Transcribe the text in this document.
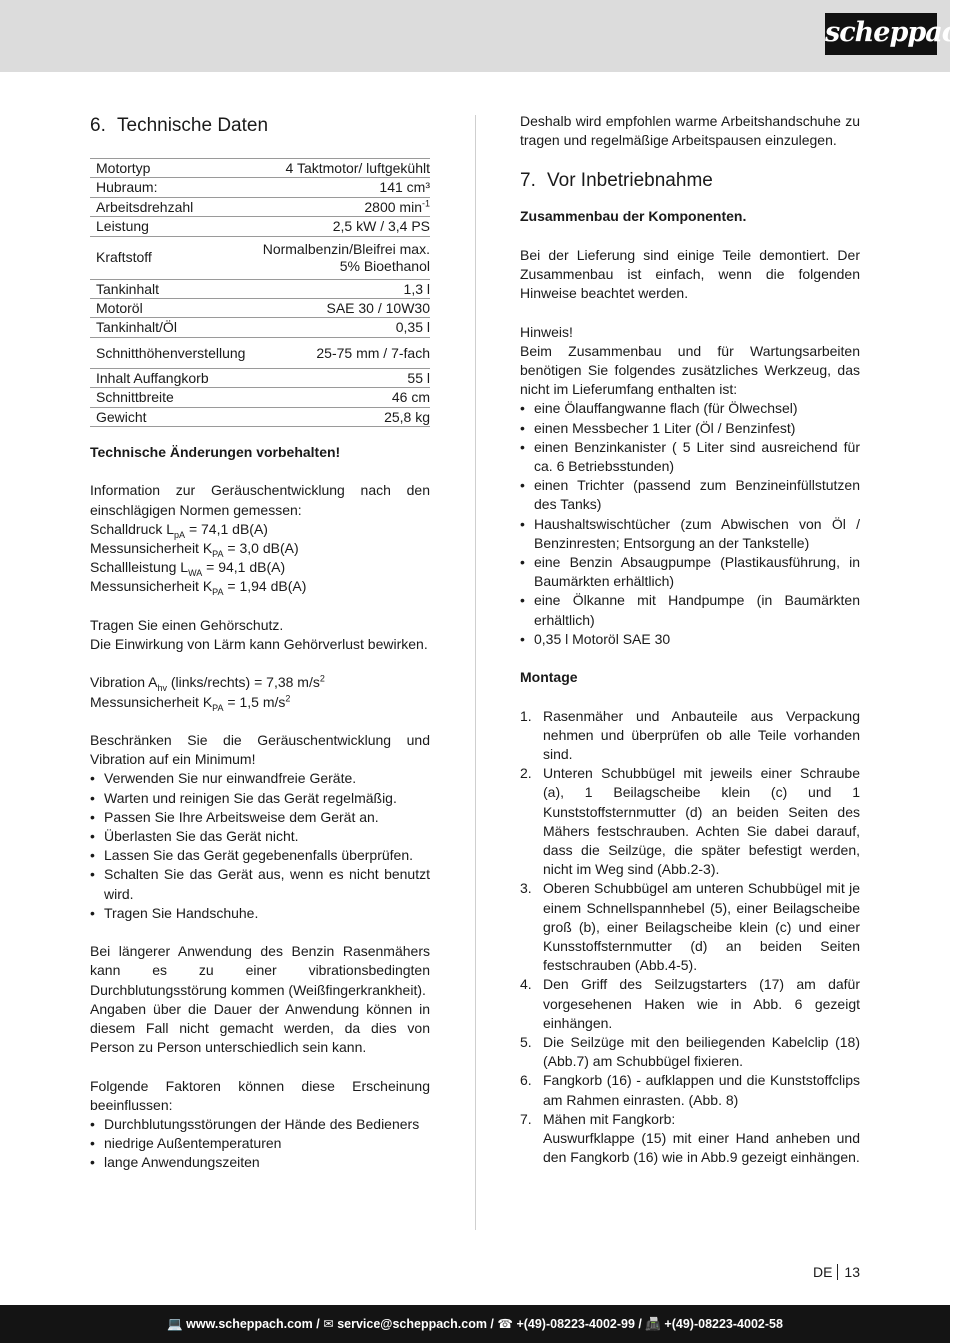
scheppach
6. Technische Daten
Motortyp	4 Taktmotor/ luftgekühlt
Hubraum:	141 cm³
Arbeitsdrehzahl	2800 $\min^{-1}$
Leistung	2,5 kW / 3,4 PS
Kraftstoff	Normalbenzin/Bleifrei max.
5% Bioethanol

Tankinhalt	1,3 l
Motoröl	SAE 30 / 10W30
Tankinhalt/Öl	0,35 l
Schnitthöhenverstellung	25-75 mm / 7-fach
Inhalt Auffangkorb	55 l
Schnittbreite	46 cm
Gewicht	25,8 kg

Technische Änderungen vorbehalten!

Information zur Geräuschentwicklung nach den einschlägigen Normen gemessen:

Schalldruck $L_{pA} = 74,1$ dB(A)

Messunsicherheit $K_{PA} = 3,0$ dB(A)

Schallleistung $L_{WA} = 94,1$ dB(A)

Messunsicherheit $K_{PA} = 1,94$ dB(A)

Tragen Sie einen Gehörschutz.

Die Einwirkung von Lärm kann Gehörverlust bewirken.

Vibration $A_{hv}$ (links/rechts) = 7,38 $m/s^2$

Messunsicherheit $K_{PA} = 1,5$ $m/s^2$

Beschränken Sie die Geräuschentwicklung und Vibration auf ein Minimum!

• Verwenden Sie nur einwandfreie Geräte.
• Warten und reinigen Sie das Gerät regelmäßig.
• Passen Sie Ihre Arbeitsweise dem Gerät an.
• Überlasten Sie das Gerät nicht.
• Lassen Sie das Gerät gegebenenfalls überprüfen.
• Schalten Sie das Gerät aus, wenn es nicht benutzt wird.
• Tragen Sie Handschuhe.

Bei längerer Anwendung des Benzin Rasenmähers kann es zu einer vibrationsbedingten Durchblutungsstörung kommen (Weißfingerkrankheit).

Angaben über die Dauer der Anwendung können in diesem Fall nicht gemacht werden, da dies von Person zu Person unterschiedlich sein kann.

Folgende Faktoren können diese Erscheinung beeinflussen:

• Durchblutungsstörungen der Hände des Bedieners
• niedrige Außentemperaturen
• lange Anwendungszeiten

Deshalb wird empfohlen warme Arbeitshandschuhe zu tragen und regelmäßige Arbeitspausen einzulegen.

7. Vor Inbetriebnahme

Zusammenbau der Komponenten.

Bei der Lieferung sind einige Teile demontiert. Der Zusammenbau ist einfach, wenn die folgenden Hinweise beachtet werden.

Hinweis!

Beim Zusammenbau und für Wartungsarbeiten benötigen Sie folgendes zusätzliches Werkzeug, das nicht im Lieferumfang enthalten ist:

• eine Ölauffangwanne flach (für Ölwechsel)
• einen Messbecher 1 Liter (Öl / Benzinfest)
• einen Benzinkanister ( 5 Liter sind ausreichend für ca. 6 Betriebsstunden)
• einen Trichter (passend zum Benzineinfüllstutzen des Tanks)
• Haushaltswischtücher (zum Abwischen von Öl / Benzinresten; Entsorgung an der Tankstelle)
• eine Benzin Absaugpumpe (Plastikausführung, in Baumärkten erhältlich)
• eine Ölkanne mit Handpumpe (in Baumärkten erhältlich)
• 0,35 l Motoröl SAE 30

Montage

1. Rasenmäher und Anbauteile aus Verpackung nehmen und überprüfen ob alle Teile vorhanden sind.
2. Unteren Schubbügel mit jeweils einer Schraube (a), 1 Beilagscheibe klein (c) und 1 Kunststoffsternmutter (d) an beiden Seiten des Mähers festschrauben. Achten Sie dabei darauf, dass die Seilzüge, die später befestigt werden, nicht im Weg sind (Abb.2-3).
3. Oberen Schubbügel am unteren Schubbügel mit je einem Schnellspannhebel (5), einer Beilagscheibe groß (b), einer Beilagscheibe klein (c) und einer Kunsstoffsternmutter (d) an beiden Seiten festschrauben (Abb.4-5).
4. Den Griff des Seilzugstarters (17) am dafür vorgesehenen Haken wie in Abb. 6 gezeigt einhängen.
5. Die Seilzüge mit den beiliegenden Kabelclip (18) (Abb.7) am Schubbügel fixieren.
6. Fangkorb (16) - aufklappen und die Kunststoffclips am Rahmen einrasten. (Abb. 8)
7. Mähen mit Fangkorb:
Auswurfklappe (15) mit einer Hand anheben und den Fangkorb (16) wie in Abb.9 gezeigt einhängen.
DE 13
💻 www.scheppach.com / ✉ service@scheppach.com / ☎ +(49)-08223-4002-99 / 📠 +(49)-08223-4002-58
